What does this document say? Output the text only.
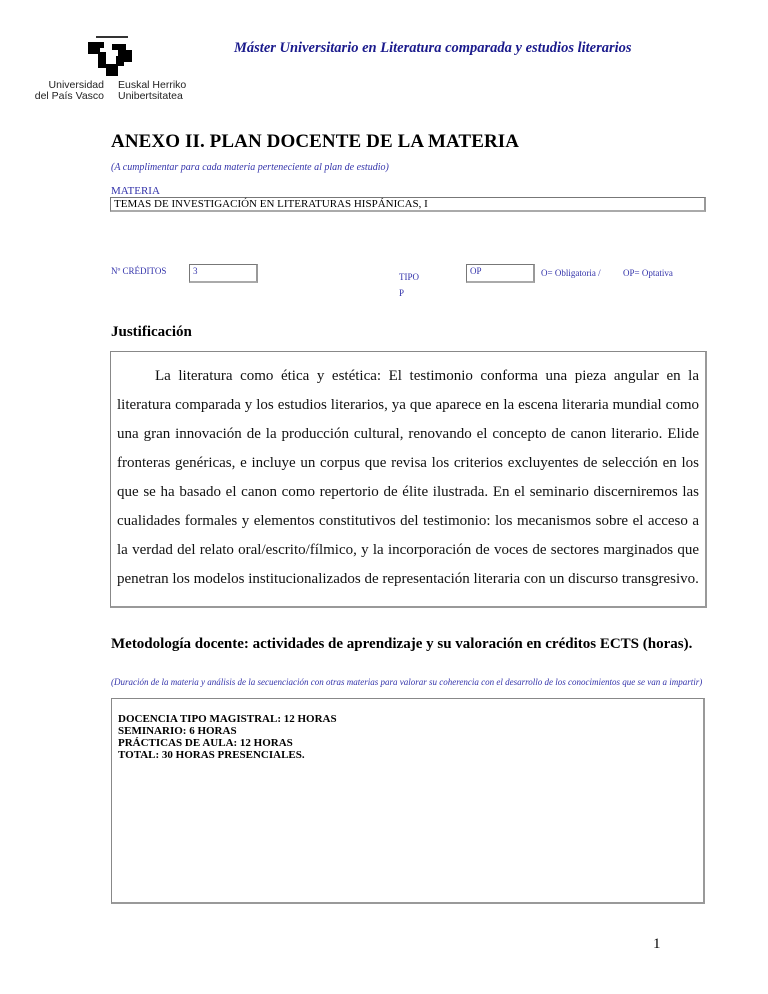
Universidad
del País Vasco
Euskal Herriko
Unibertsitatea
Máster Universitario en Literatura comparada y estudios literarios
ANEXO II. PLAN DOCENTE DE LA MATERIA
(A cumplimentar para cada materia perteneciente al plan de estudio)
MATERIA
TEMAS DE INVESTIGACIÓN EN LITERATURAS HISPÁNICAS, I
Nº CRÉDITOS	3
TIPO
P
OP	O= Obligatoria / OP= Optativa
Justificación

La literatura como ética y estética: El testimonio conforma una pieza angular en la literatura comparada y los estudios literarios, ya que aparece en la escena literaria mundial como una gran innovación de la producción cultural, renovando el concepto de canon literario. Elide fronteras genéricas, e incluye un corpus que revisa los criterios excluyentes de selección en los que se ha basado el canon como repertorio de élite ilustrada. En el seminario discerniremos las cualidades formales y elementos constitutivos del testimonio: los mecanismos sobre el acceso a la verdad del relato oral/escrito/fílmico, y la incorporación de voces de sectores marginados que penetran los modelos institucionalizados de representación literaria con un discurso transgresivo.

Metodología docente: actividades de aprendizaje y su valoración en créditos ECTS (horas).
(Duración de la materia y análisis de la secuenciación con otras materias para valorar su coherencia con el desarrollo de los conocimientos que se van a impartir)
DOCENCIA TIPO MAGISTRAL: 12 HORAS
SEMINARIO: 6 HORAS
PRÁCTICAS DE AULA: 12 HORAS
TOTAL: 30 HORAS PRESENCIALES.
1
